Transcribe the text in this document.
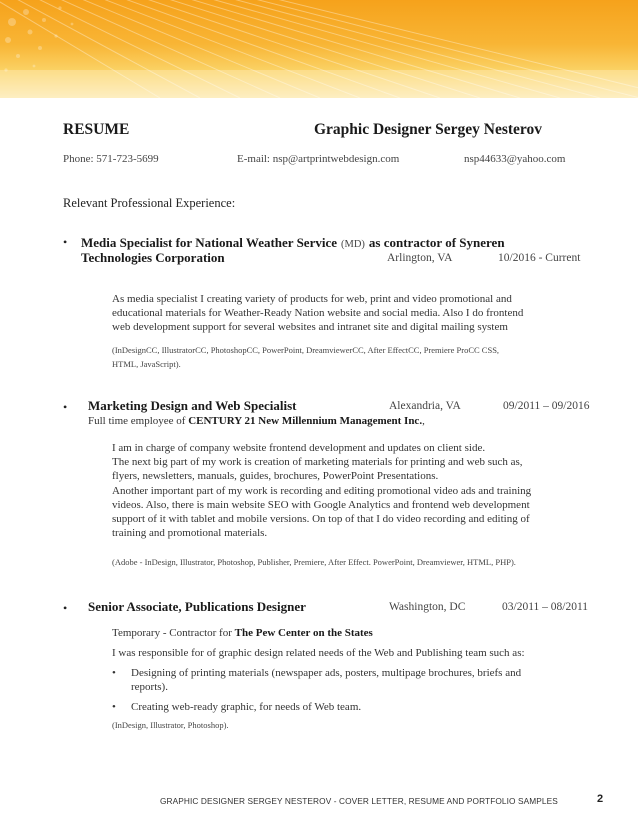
RESUME	Graphic Designer Sergey Nesterov
Phone: 571-723-5699	E-mail: nsp@artprintwebdesign.com	nsp44633@yahoo.com
Relevant Professional Experience:
• Media Specialist for National Weather Service (MD) as contractor of Syneren
Technologies Corporation	Arlington, VA	10/2016 - Current
As media specialist I creating variety of products for web, print and video promotional and
educational materials for Weather-Ready Nation website and social media. Also I do frontend
web development support for several websites and intranet site and digital mailing system
(InDesignCC, IllustratorCC, PhotoshopCC, PowerPoint, DreamviewerCC, After EffectCC, Premiere ProCC CSS,
HTML, JavaScript).
• Marketing Design and Web Specialist	Alexandria, VA	09/2011 – 09/2016
Full time employee of CENTURY 21 New Millennium Management Inc.,
I am in charge of company website frontend development and updates on client side.
The next big part of my work is creation of marketing materials for printing and web such as,
flyers, newsletters, manuals, guides, brochures, PowerPoint Presentations.
Another important part of my work is recording and editing promotional video ads and training
videos. Also, there is main website SEO with Google Analytics and frontend web development
support of it with tablet and mobile versions. On top of that I do video recording and editing of
training and promotional materials.
(Adobe - InDesign, Illustrator, Photoshop, Publisher, Premiere, After Effect. PowerPoint, Dreamviewer, HTML, PHP).
• Senior Associate, Publications Designer	Washington, DC	03/2011 – 08/2011
Temporary - Contractor for The Pew Center on the States
I was responsible for of graphic design related needs of the Web and Publishing team such as:
• Designing of printing materials (newspaper ads, posters, multipage brochures, briefs and
reports).
• Creating web-ready graphic, for needs of Web team.
(InDesign, Illustrator, Photoshop).
GRAPHIC DESIGNER SERGEY NESTEROV - COVER LETTER, RESUME AND PORTFOLIO SAMPLES	2
